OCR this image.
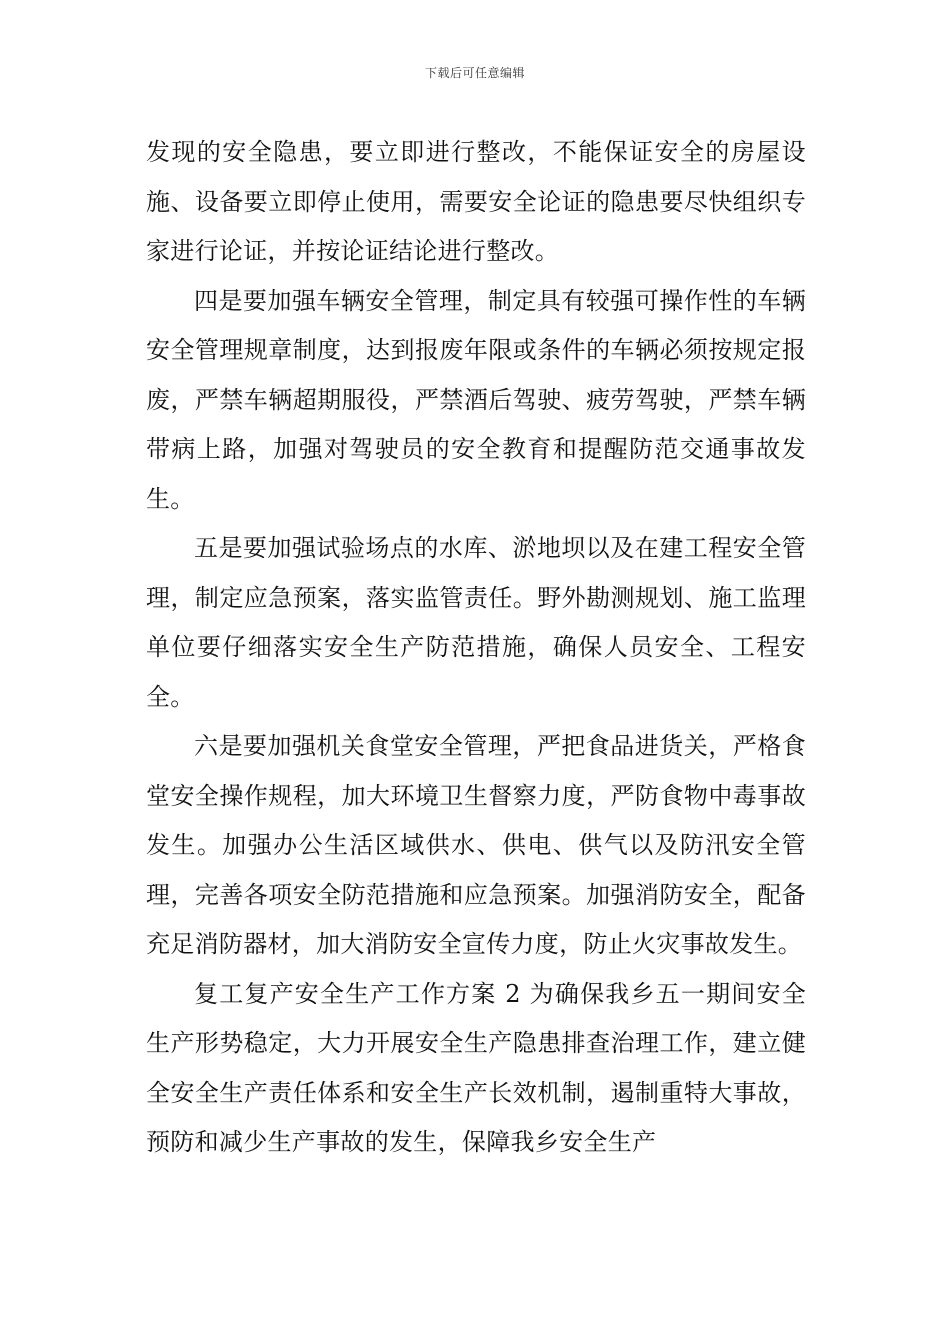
下载后可任意编辑

发现的安全隐患，要立即进行整改，不能保证安全的房屋设施、设备要立即停止使用，需要安全论证的隐患要尽快组织专家进行论证，并按论证结论进行整改。

四是要加强车辆安全管理，制定具有较强可操作性的车辆安全管理规章制度，达到报废年限或条件的车辆必须按规定报废，严禁车辆超期服役，严禁酒后驾驶、疲劳驾驶，严禁车辆带病上路，加强对驾驶员的安全教育和提醒防范交通事故发生。

五是要加强试验场点的水库、淤地坝以及在建工程安全管理，制定应急预案，落实监管责任。野外勘测规划、施工监理单位要仔细落实安全生产防范措施，确保人员安全、工程安全。

六是要加强机关食堂安全管理，严把食品进货关，严格食堂安全操作规程，加大环境卫生督察力度，严防食物中毒事故发生。加强办公生活区域供水、供电、供气以及防汛安全管理，完善各项安全防范措施和应急预案。加强消防安全，配备充足消防器材，加大消防安全宣传力度，防止火灾事故发生。

复工复产安全生产工作方案 2 为确保我乡五一期间安全生产形势稳定，大力开展安全生产隐患排查治理工作，建立健全安全生产责任体系和安全生产长效机制，遏制重特大事故，预防和减少生产事故的发生，保障我乡安全生产
